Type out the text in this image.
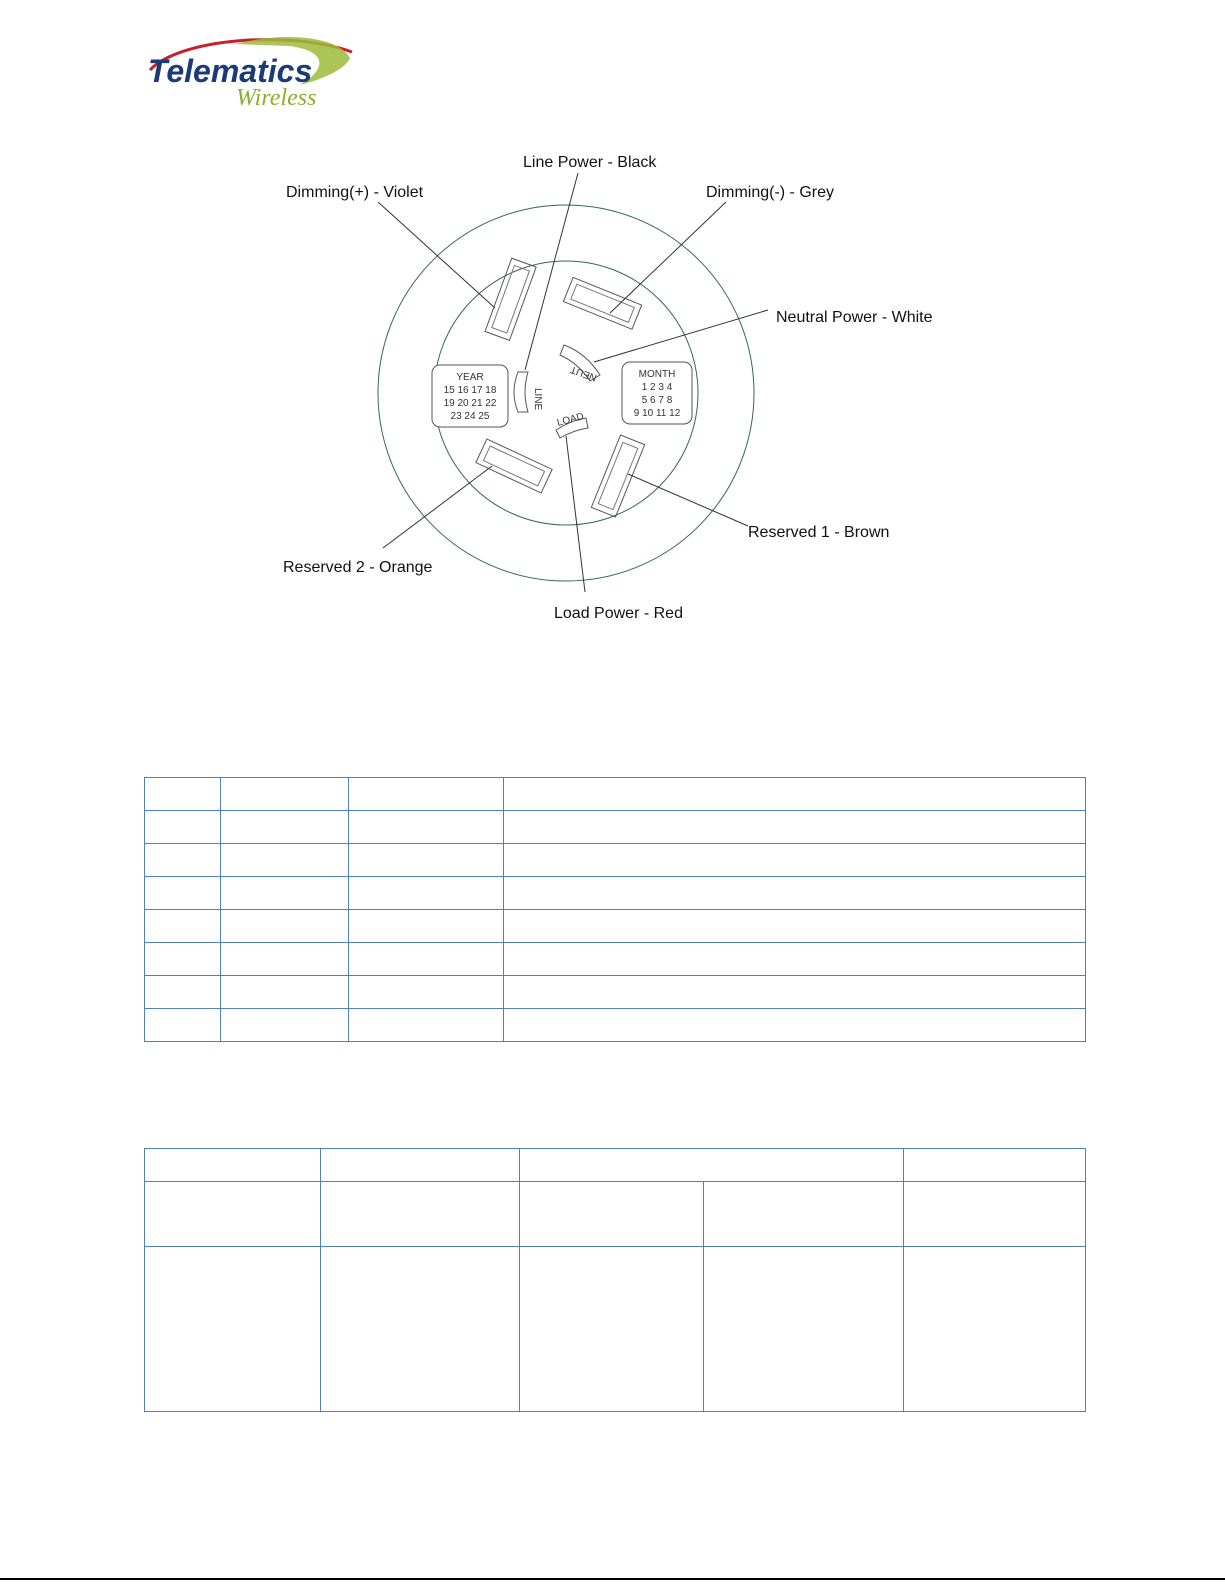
Telematics
Wireless
YEAR
15 16 17 18
19 20 21 22
23 24 25
MONTH
1 2 3 4
5 6 7 8
9 10 11 12
LINE
NEUT
LOAD
Line Power - Black
Dimming(+) - Violet	Dimming(-) - Grey
Neutral Power - White
Reserved 1 - Brown
Reserved 2 - Orange
Load Power - Red
